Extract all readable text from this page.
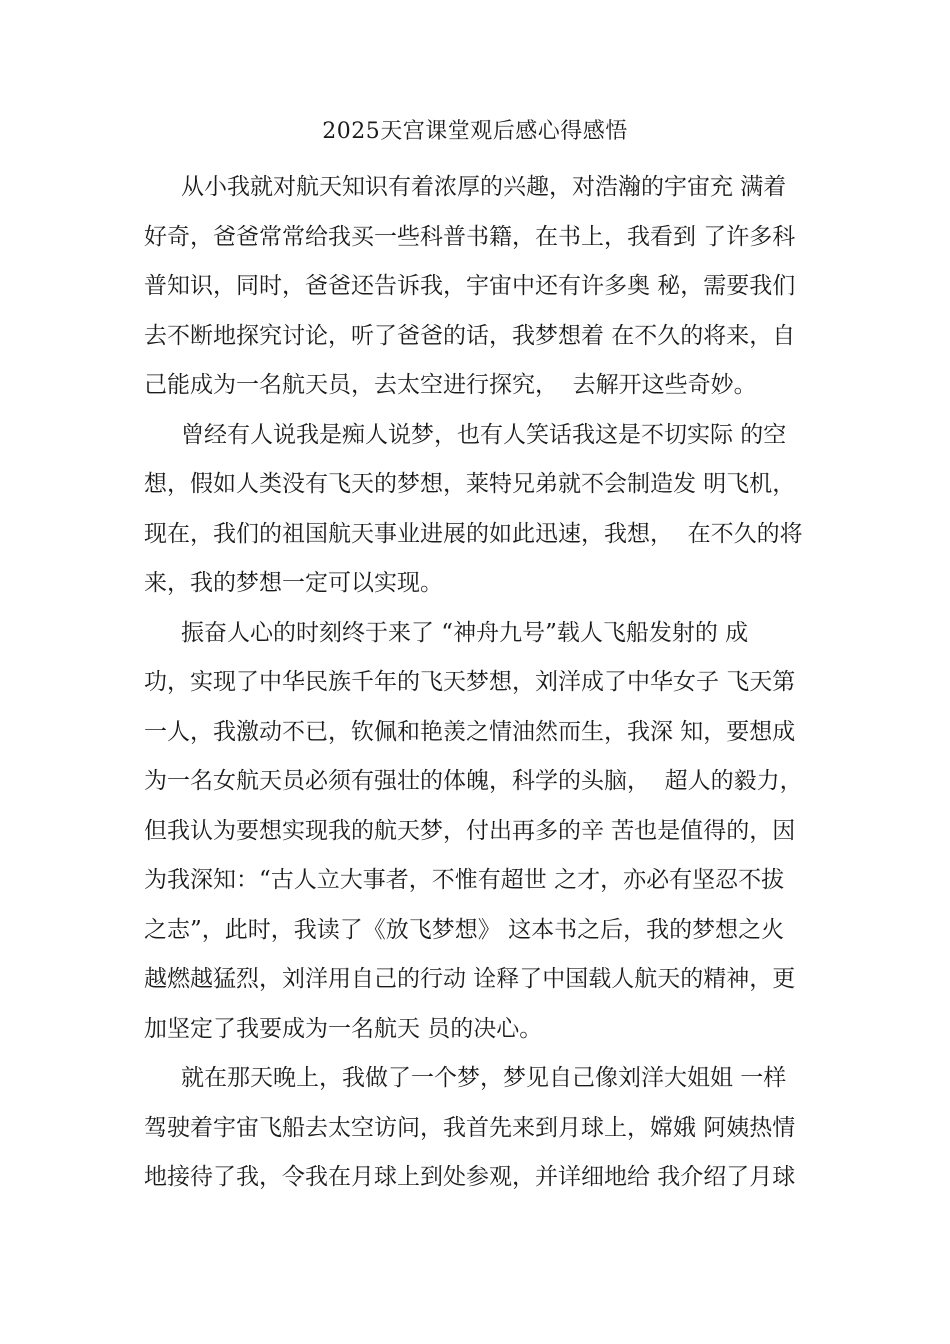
2025天宫课堂观后感心得感悟
从小我就对航天知识有着浓厚的兴趣，对浩瀚的宇宙充 满着
好奇，爸爸常常给我买一些科普书籍，在书上，我看到 了许多科
普知识，同时，爸爸还告诉我，宇宙中还有许多奥 秘，需要我们
去不断地探究讨论，听了爸爸的话，我梦想着 在不久的将来，自
己能成为一名航天员，去太空进行探究，  去解开这些奇妙。
曾经有人说我是痴人说梦，也有人笑话我这是不切实际 的空
想，假如人类没有飞天的梦想，莱特兄弟就不会制造发 明飞机，
现在，我们的祖国航天事业进展的如此迅速，我想，  在不久的将
来，我的梦想一定可以实现。
振奋人心的时刻终于来了 “神舟九号”载人飞船发射的 成
功，实现了中华民族千年的飞天梦想，刘洋成了中华女子 飞天第
一人，我激动不已，钦佩和艳羡之情油然而生，我深 知，要想成
为一名女航天员必须有强壮的体魄，科学的头脑，  超人的毅力，
但我认为要想实现我的航天梦，付出再多的辛 苦也是值得的，因
为我深知：“古人立大事者，不惟有超世 之才，亦必有坚忍不拔
之志”，此时，我读了《放飞梦想》 这本书之后，我的梦想之火
越燃越猛烈，刘洋用自己的行动 诠释了中国载人航天的精神，更
加坚定了我要成为一名航天 员的决心。
就在那天晚上，我做了一个梦，梦见自己像刘洋大姐姐 一样
驾驶着宇宙飞船去太空访问，我首先来到月球上，嫦娥 阿姨热情
地接待了我，令我在月球上到处参观，并详细地给 我介绍了月球
